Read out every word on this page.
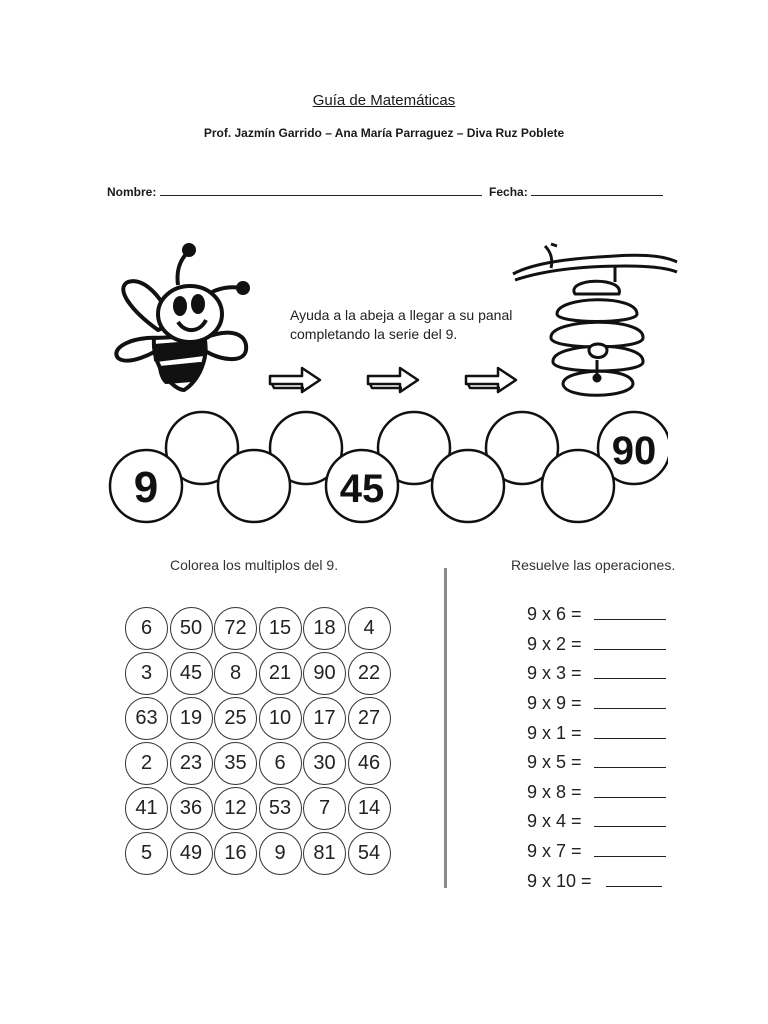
Guía de Matemáticas
Prof. Jazmín Garrido – Ana María Parraguez – Diva Ruz Poblete
Nombre:	Fecha:
Ayuda a la abeja a llegar a su panal
completando la serie del 9.
9	45
90
Colorea los multiplos del 9.	Resuelve las operaciones.
6	50	72	15	18	4
3	45	8	21	90	22
63	19	25	10	17	27
2	23	35	6	30	46
41	36	12	53	7	14
5	49	16	9	81	54
9 x 6 =
9 x 2 =
9 x 3 =
9 x 9 =
9 x 1 =
9 x 5 =
9 x 8 =
9 x 4 =
9 x 7 =
9 x 10 =
